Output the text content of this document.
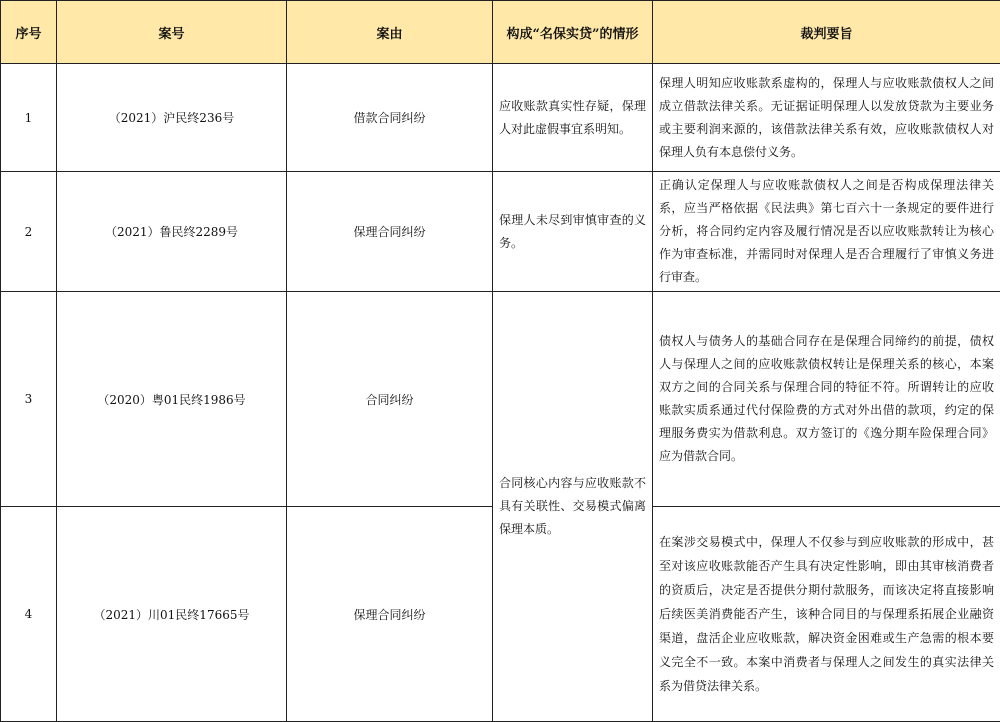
序号	案号	案由	构成“名保实贷”的情形	裁判要旨
1	（2021）沪民终236号	借款合同纠纷	应收账款真实性存疑，保理人对此虚假事宜系明知。	保理人明知应收账款系虚构的，保理人与应收账款债权人之间成立借款法律关系。无证据证明保理人以发放贷款为主要业务或主要利润来源的，该借款法律关系有效，应收账款债权人对保理人负有本息偿付义务。
2	（2021）鲁民终2289号	保理合同纠纷	保理人未尽到审慎审查的义务。	正确认定保理人与应收账款债权人之间是否构成保理法律关系，应当严格依据《民法典》第七百六十一条规定的要件进行分析，将合同约定内容及履行情况是否以应收账款转让为核心作为审查标准，并需同时对保理人是否合理履行了审慎义务进行审查。
3	（2020）粤01民终1986号	合同纠纷	合同核心内容与应收账款不具有关联性、交易模式偏离保理本质。	债权人与债务人的基础合同存在是保理合同缔约的前提，债权人与保理人之间的应收账款债权转让是保理关系的核心，本案双方之间的合同关系与保理合同的特征不符。所谓转让的应收账款实质系通过代付保险费的方式对外出借的款项，约定的保理服务费实为借款利息。双方签订的《逸分期车险保理合同》应为借款合同。
4	（2021）川01民终17665号	保理合同纠纷		在案涉交易模式中，保理人不仅参与到应收账款的形成中，甚至对该应收账款能否产生具有决定性影响，即由其审核消费者的资质后，决定是否提供分期付款服务，而该决定将直接影响后续医美消费能否产生，该种合同目的与保理系拓展企业融资渠道，盘活企业应收账款，解决资金困难或生产急需的根本要义完全不一致。本案中消费者与保理人之间发生的真实法律关系为借贷法律关系。
